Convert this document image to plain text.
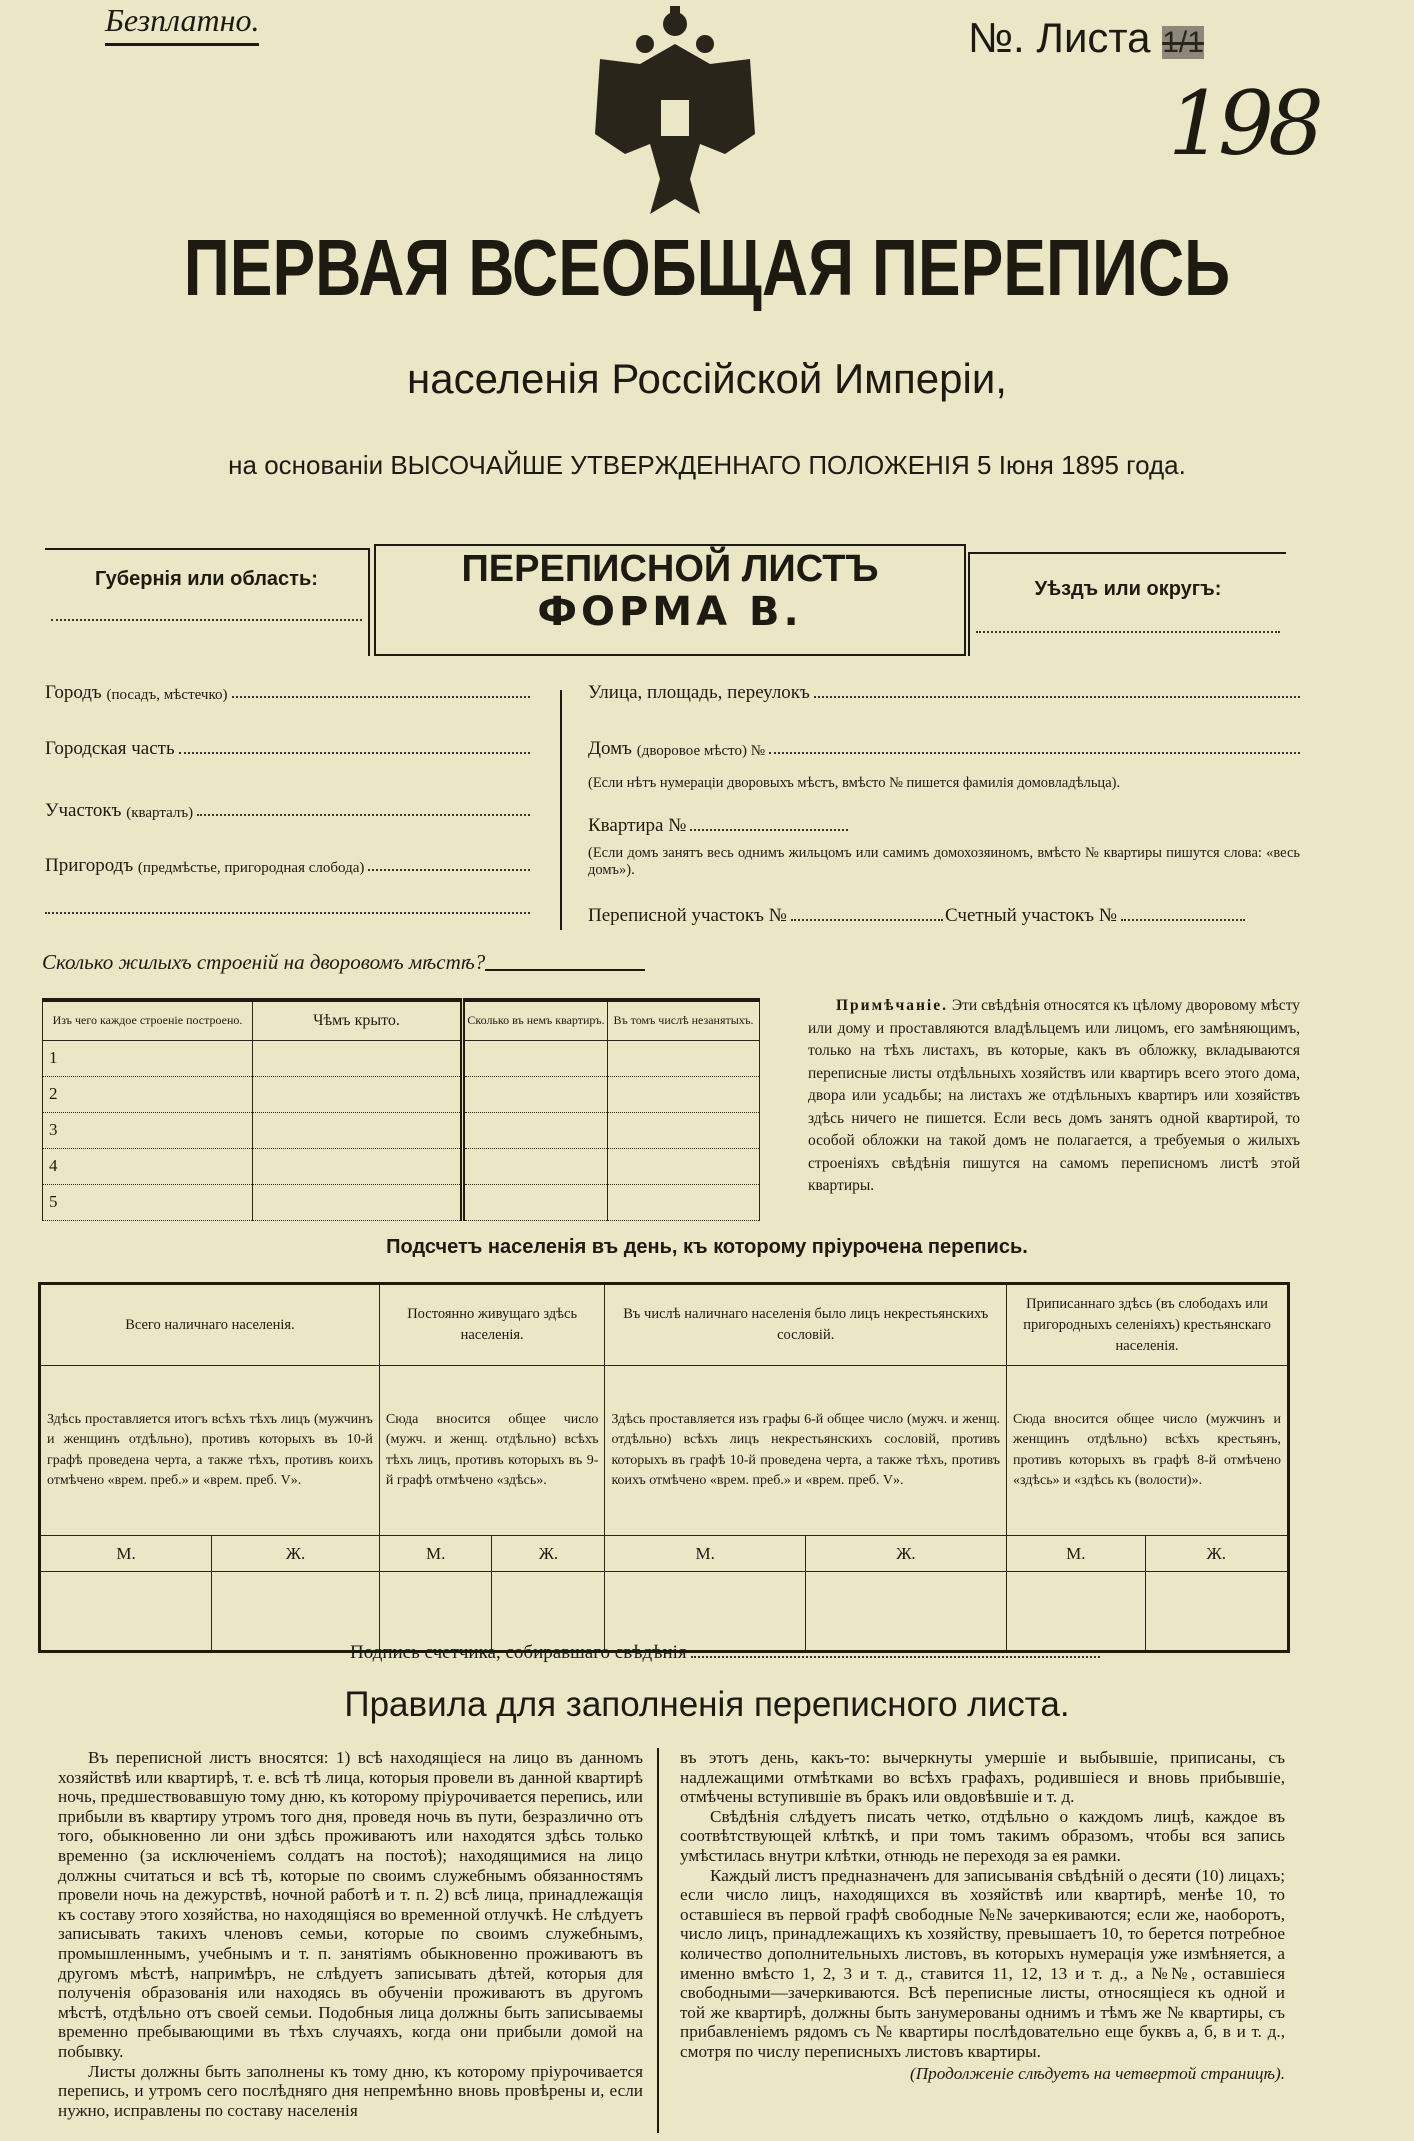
Безплатно.	№. Листа 1/1
198
ПЕРВАЯ ВСЕОБЩАЯ ПЕРЕПИСЬ
населенія Россійской Имперіи,
на основаніи ВЫСОЧАЙШЕ УТВЕРЖДЕННАГО ПОЛОЖЕНІЯ 5 Іюня 1895 года.
Губернія или область:	ПЕРЕПИСНОЙ ЛИСТЪ
ФОРМА В.	Уѣздъ или округъ:
Городъ
(посадъ, мѣстечко)
Городская часть
Участокъ
(кварталъ)
Пригородъ
(предмѣстье, пригородная слобода)
Улица, площадь, переулокъ
Домъ
(дворовое мѣсто) №
(Если нѣтъ нумераціи дворовыхъ мѣстъ, вмѣсто № пишется фамилія домовладѣльца).
Квартира №
(Если домъ занятъ весь однимъ жильцомъ или самимъ домохозяиномъ, вмѣсто № квартиры пишутся слова: «весь домъ»).
Переписной участокъ №	Счетный участокъ №
Сколько жилыхъ строеній на дворовомъ мѣстѣ?
Изъ чего каждое строеніе построено.	Чѣмъ крыто.	Сколько въ немъ квартиръ.	Въ томъ числѣ незанятыхъ.
1			
2			
3			
4			
5			
Примѣчаніе. Эти свѣдѣнія относятся къ цѣлому дворовому мѣсту или дому и проставляются владѣльцемъ или лицомъ, его замѣняющимъ, только на тѣхъ листахъ, въ которые, какъ въ обложку, вкладываются переписные листы отдѣльныхъ хозяйствъ или квартиръ всего этого дома, двора или усадьбы; на листахъ же отдѣльныхъ квартиръ или хозяйствъ здѣсь ничего не пишется. Если весь домъ занятъ одной квартирой, то особой обложки на такой домъ не полагается, а требуемыя о жилыхъ строеніяхъ свѣдѣнія пишутся на самомъ переписномъ листѣ этой квартиры.
Подсчетъ населенія въ день, къ которому пріурочена перепись.
Всего наличнаго населенія.		Постоянно живущаго здѣсь населенія.		Въ числѣ наличнаго населенія было лицъ некрестьянскихъ сословій.		Приписаннаго здѣсь (въ слободахъ или пригородныхъ селеніяхъ) крестьянскаго населенія.	
Здѣсь проставляется итогъ всѣхъ тѣхъ лицъ (мужчинъ и женщинъ отдѣльно), противъ которыхъ въ 10-й графѣ проведена черта, а также тѣхъ, противъ коихъ отмѣчено «врем. преб.» и «врем. преб. V».		Сюда вносится общее число (мужч. и женщ. отдѣльно) всѣхъ тѣхъ лицъ, противъ которыхъ въ 9-й графѣ отмѣчено «здѣсь».		Здѣсь проставляется изъ графы 6-й общее число (мужч. и женщ. отдѣльно) всѣхъ лицъ некрестьянскихъ сословій, противъ которыхъ въ графѣ 10-й проведена черта, а также тѣхъ, противъ коихъ отмѣчено «врем. преб.» и «врем. преб. V».		Сюда вносится общее число (мужчинъ и женщинъ отдѣльно) всѣхъ крестьянъ, противъ которыхъ въ графѣ 8-й отмѣчено «здѣсь» и «здѣсь къ (волости)».	
М.	Ж.	М.	Ж.	М.	Ж.	М.	Ж.

Подпись счетчика, собиравшаго свѣдѣнія
Правила для заполненія переписного листа.

Въ переписной листъ вносятся: 1) всѣ находящіеся на лицо въ данномъ хозяйствѣ или квартирѣ, т. е. всѣ тѣ лица, которыя провели въ данной квартирѣ ночь, предшествовавшую тому дню, къ которому пріурочивается перепись, или прибыли въ квартиру утромъ того дня, проведя ночь въ пути, безразлично отъ того, обыкновенно ли они здѣсь проживаютъ или находятся здѣсь только временно (за исключеніемъ солдатъ на постоѣ); находящимися на лицо должны считаться и всѣ тѣ, которые по своимъ служебнымъ обязанностямъ провели ночь на дежурствѣ, ночной работѣ и т. п. 2) всѣ лица, принадлежащія къ составу этого хозяйства, но находящіяся во временной отлучкѣ. Не слѣдуетъ записывать такихъ членовъ семьи, которые по своимъ служебнымъ, промышленнымъ, учебнымъ и т. п. занятіямъ обыкновенно проживаютъ въ другомъ мѣстѣ, напримѣръ, не слѣдуетъ записывать дѣтей, которыя для полученія образованія или находясь въ обученіи проживаютъ въ другомъ мѣстѣ, отдѣльно отъ своей семьи. Подобныя лица должны быть записываемы временно пребывающими въ тѣхъ случаяхъ, когда они прибыли домой на побывку.

Листы должны быть заполнены къ тому дню, къ которому пріурочивается перепись, и утромъ сего послѣдняго дня непремѣнно вновь провѣрены и, если нужно, исправлены по составу населенія

въ этотъ день, какъ-то: вычеркнуты умершіе и выбывшіе, приписаны, съ надлежащими отмѣтками во всѣхъ графахъ, родившіеся и вновь прибывшіе, отмѣчены вступившіе въ бракъ или овдовѣвшіе и т. д.

Свѣдѣнія слѣдуетъ писать четко, отдѣльно о каждомъ лицѣ, каждое въ соотвѣтствующей клѣткѣ, и при томъ такимъ образомъ, чтобы вся запись умѣстилась внутри клѣтки, отнюдь не переходя за ея рамки.

Каждый листъ предназначенъ для записыванія свѣдѣній о десяти (10) лицахъ; если число лицъ, находящихся въ хозяйствѣ или квартирѣ, менѣе 10, то оставшіеся въ первой графѣ свободные №№ зачеркиваются; если же, наоборотъ, число лицъ, принадлежащихъ къ хозяйству, превышаетъ 10, то берется потребное количество дополнительныхъ листовъ, въ которыхъ нумерація уже измѣняется, а именно вмѣсто 1, 2, 3 и т. д., ставится 11, 12, 13 и т. д., а №№, оставшіеся свободными—зачеркиваются. Всѣ переписные листы, относящіеся къ одной и той же квартирѣ, должны быть занумерованы однимъ и тѣмъ же № квартиры, съ прибавленіемъ рядомъ съ № квартиры послѣдовательно еще буквъ а, б, в и т. д., смотря по числу переписныхъ листовъ квартиры.

(Продолженіе слѣдуетъ на четвертой страницѣ).
